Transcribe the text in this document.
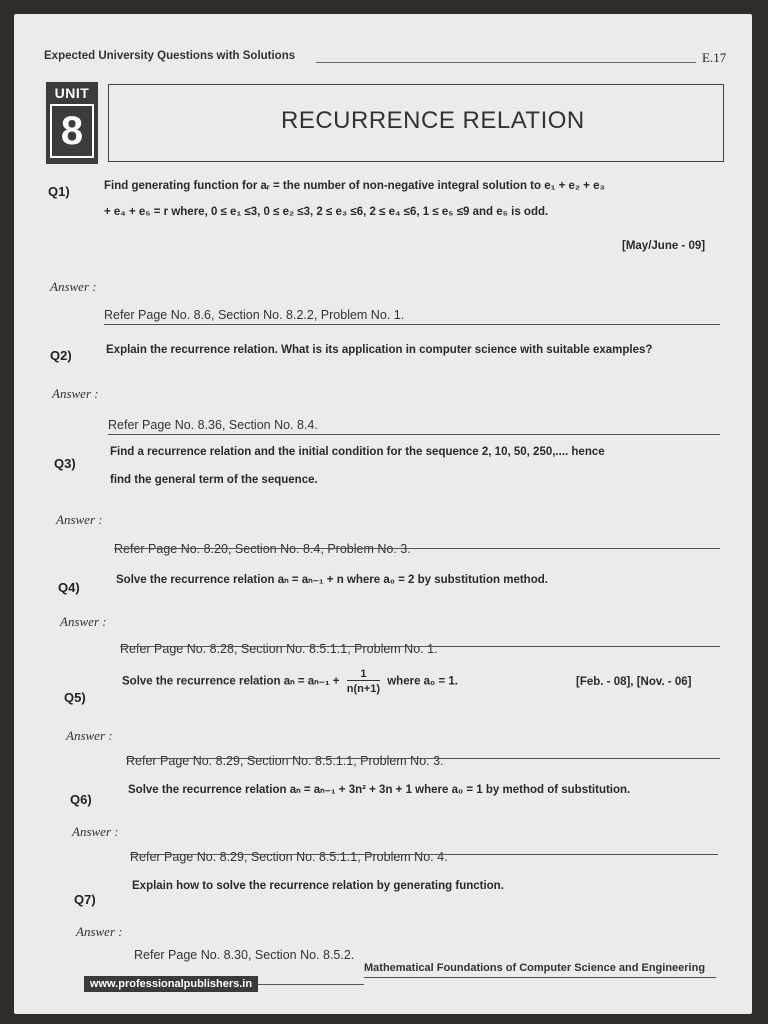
Expected University Questions with Solutions	E.17
UNIT
8	RECURRENCE RELATION
Q1)	Find generating function for aᵣ = the number of non-negative integral solution to e₁ + e₂ + e₃
+ e₄ + e₅ = r where, 0 ≤ e₁ ≤3, 0 ≤ e₂ ≤3, 2 ≤ e₃ ≤6, 2 ≤ e₄ ≤6, 1 ≤ e₅ ≤9 and e₅ is odd.
[May/June - 09]
Answer :
Refer Page No. 8.6, Section No. 8.2.2, Problem No. 1.
Q2)	Explain the recurrence relation. What is its application in computer science with suitable examples?
Answer :
Refer Page No. 8.36, Section No. 8.4.
Q3)
Find a recurrence relation and the initial condition for the sequence 2, 10, 50, 250,.... hence
find the general term of the sequence.
Answer :
Refer Page No. 8.20, Section No. 8.4, Problem No. 3.
Q4)	Solve the recurrence relation aₙ = aₙ₋₁ + n where a₀ = 2 by substitution method.
Answer :
Refer Page No. 8.28, Section No. 8.5.1.1, Problem No. 1.
Q5)
Solve the recurrence relation $a_n = a_{n-1} + \frac{1}{n(n+1)}$ where a₀ = 1.	[Feb. - 08], [Nov. - 06]
Answer :
Refer Page No. 8.29, Section No. 8.5.1.1, Problem No. 3.
Q6)
Solve the recurrence relation aₙ = aₙ₋₁ + 3n² + 3n + 1 where a₀ = 1 by method of substitution.
Answer :
Refer Page No. 8.29, Section No. 8.5.1.1, Problem No. 4.
Q7)
Explain how to solve the recurrence relation by generating function.
Answer :
Refer Page No. 8.30, Section No. 8.5.2.
www.professionalpublishers.in
Mathematical Foundations of Computer Science and Engineering
